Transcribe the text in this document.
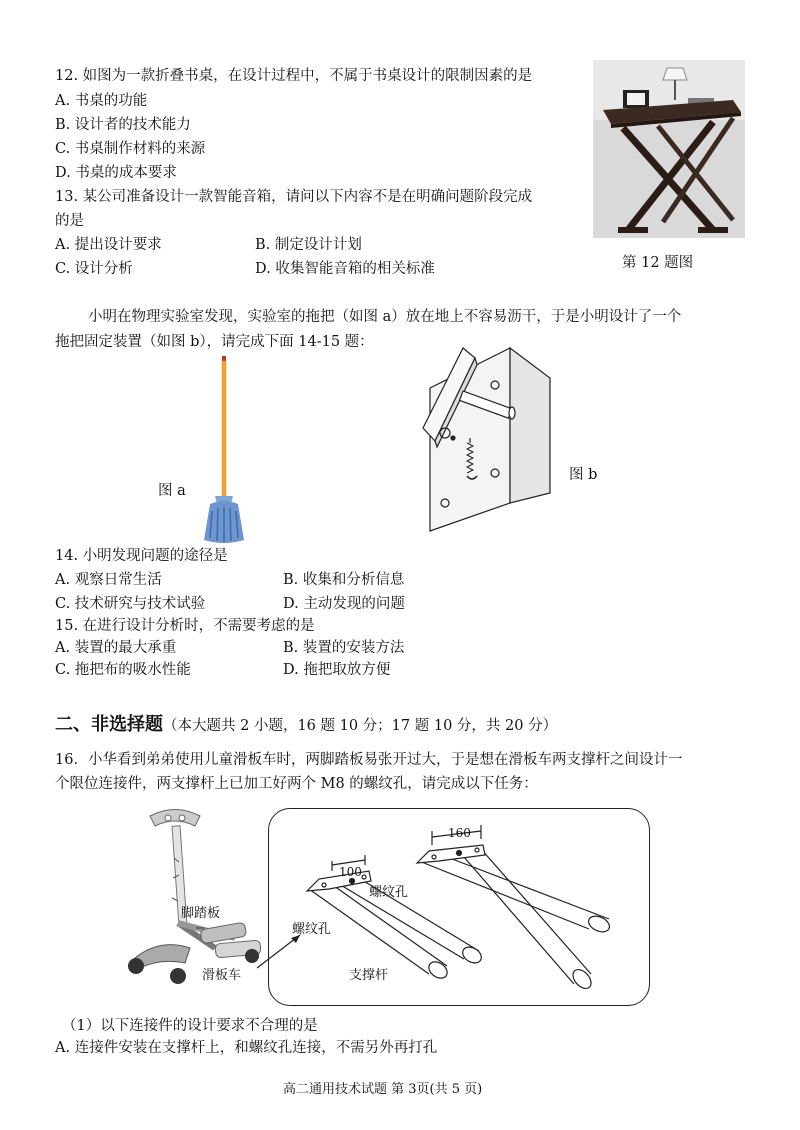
12. 如图为一款折叠书桌，在设计过程中，不属于书桌设计的限制因素的是
A. 书桌的功能
B. 设计者的技术能力
C. 书桌制作材料的来源
D. 书桌的成本要求
第 12 题图
13. 某公司准备设计一款智能音箱，请问以下内容不是在明确问题阶段完成
的是
A. 提出设计要求	B. 制定设计计划
C. 设计分析	D. 收集智能音箱的相关标准
小明在物理实验室发现，实验室的拖把（如图 a）放在地上不容易沥干，于是小明设计了一个
拖把固定装置（如图 b），请完成下面 14-15 题：
图 a
图 b
14. 小明发现问题的途径是
A. 观察日常生活	B. 收集和分析信息
C. 技术研究与技术试验	D. 主动发现的问题
15. 在进行设计分析时，不需要考虑的是
A. 装置的最大承重	B. 装置的安装方法
C. 拖把布的吸水性能	D. 拖把取放方便
二、非选择题（本大题共 2 小题，16 题 10 分；17 题 10 分，共 20 分）
16．小华看到弟弟使用儿童滑板车时，两脚踏板易张开过大，于是想在滑板车两支撑杆之间设计一
个限位连接件，两支撑杆上已加工好两个 M8 的螺纹孔，请完成以下任务：
脚踏板
滑板车
100
160
螺纹孔
螺纹孔
支撑杆
（1）以下连接件的设计要求不合理的是
A. 连接件安装在支撑杆上，和螺纹孔连接，不需另外再打孔
高二通用技术试题 第 3页(共 5 页)
